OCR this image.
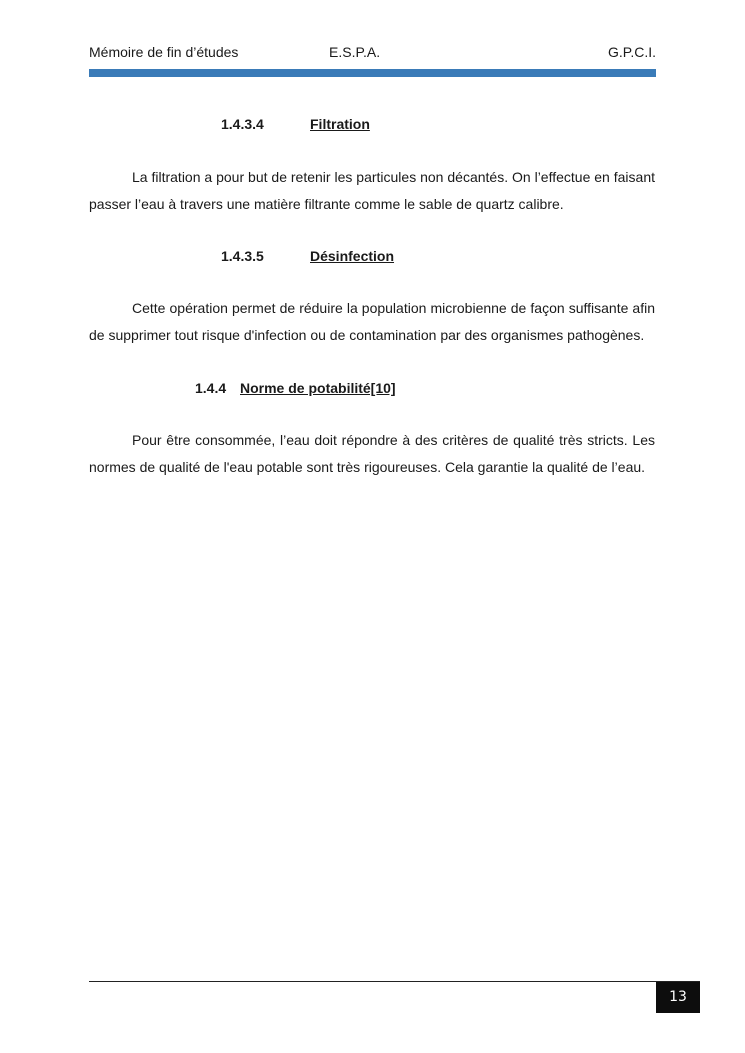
Mémoire de fin d’études	E.S.P.A.	G.P.C.I.
1.4.3.4	Filtration

La filtration a pour but de retenir les particules non décantés. On l’effectue en faisant passer l’eau à travers une matière filtrante comme le sable de quartz calibre.

1.4.3.5	Désinfection

Cette opération permet de réduire la population microbienne de façon suffisante afin de supprimer tout risque d'infection ou de contamination par des organismes pathogènes.

1.4.4 Norme de potabilité[10]

Pour être consommée, l’eau doit répondre à des critères de qualité très stricts. Les normes de qualité de l'eau potable sont très rigoureuses. Cela garantie la qualité de l’eau.

13
